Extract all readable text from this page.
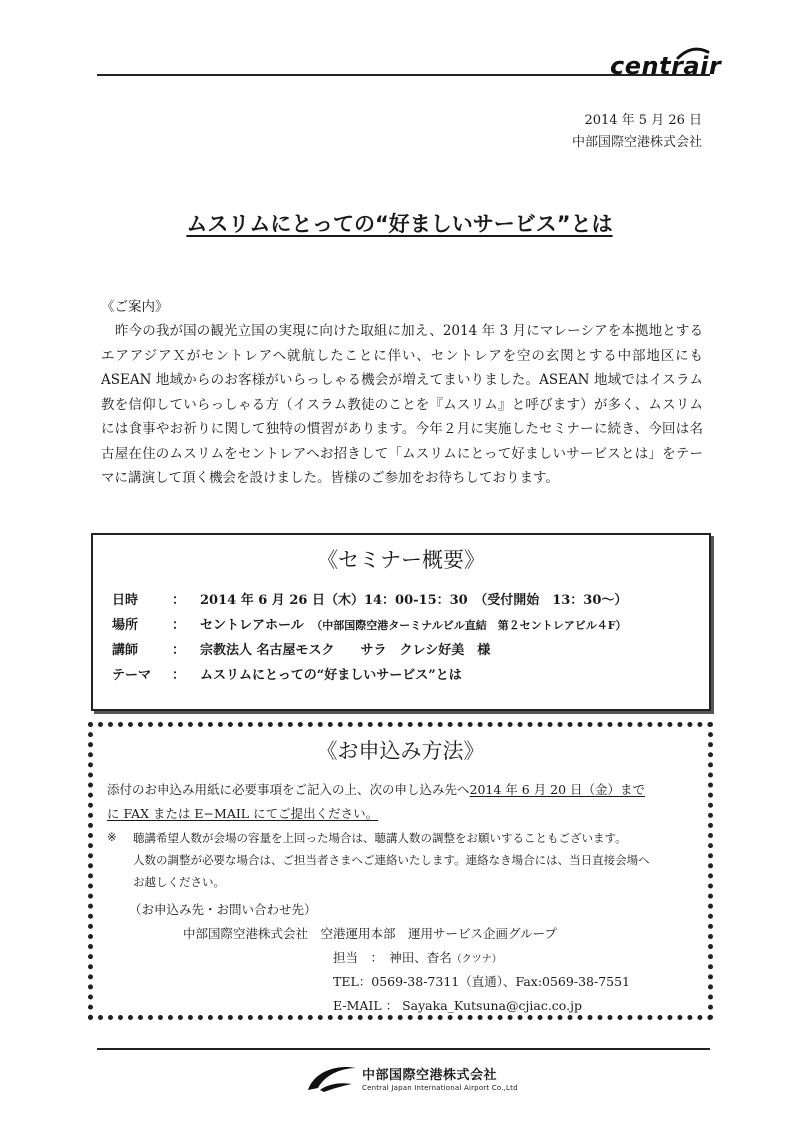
centrair
2014 年 5 月 26 日
中部国際空港株式会社
ムスリムにとっての“好ましいサービス”とは
《ご案内》

昨今の我が国の観光立国の実現に向けた取組に加え、2014 年 3 月にマレーシアを本拠地とするエアアジアＸがセントレアへ就航したことに伴い、セントレアを空の玄関とする中部地区にも ASEAN 地域からのお客様がいらっしゃる機会が増えてまいりました。ASEAN 地域ではイスラム教を信仰していらっしゃる方（イスラム教徒のことを『ムスリム』と呼びます）が多く、ムスリムには食事やお祈りに関して独特の慣習があります。今年２月に実施したセミナーに続き、今回は名古屋在住のムスリムをセントレアへお招きして「ムスリムにとって好ましいサービスとは」をテーマに講演して頂く機会を設けました。皆様のご参加をお待ちしております。

《セミナー概要》
日時	： 2014 年 6 月 26 日（木）14：00-15：30　（受付開始　13：30〜）
場所	： セントレアホール　（中部国際空港ターミナルビル直結　第２セントレアビル４F）
講師	： 宗教法人 名古屋モスク　　サラ　クレシ好美　様
テーマ ： ムスリムにとっての“好ましいサービス”とは
《お申込み方法》
添付のお申込み用紙に必要事項をご記入の上、次の申し込み先へ2014 年 6 月 20 日（金）まで
に FAX または E−MAIL にてご提出ください。
※ 聴講希望人数が会場の容量を上回った場合は、聴講人数の調整をお願いすることもございます。
人数の調整が必要な場合は、ご担当者さまへご連絡いたします。連絡なき場合には、当日直接会場へ
お越しください。
（お申込み先・お問い合わせ先）
中部国際空港株式会社　空港運用本部　運用サービス企画グループ
担当　：　 神田、杳名（クツナ）
TEL：0569-38-7311（直通）、Fax:0569-38-7551
E-MAIL ： Sayaka_Kutsuna@cjiac.co.jp
中部国際空港株式会社
Central Japan International Airport Co.,Ltd
